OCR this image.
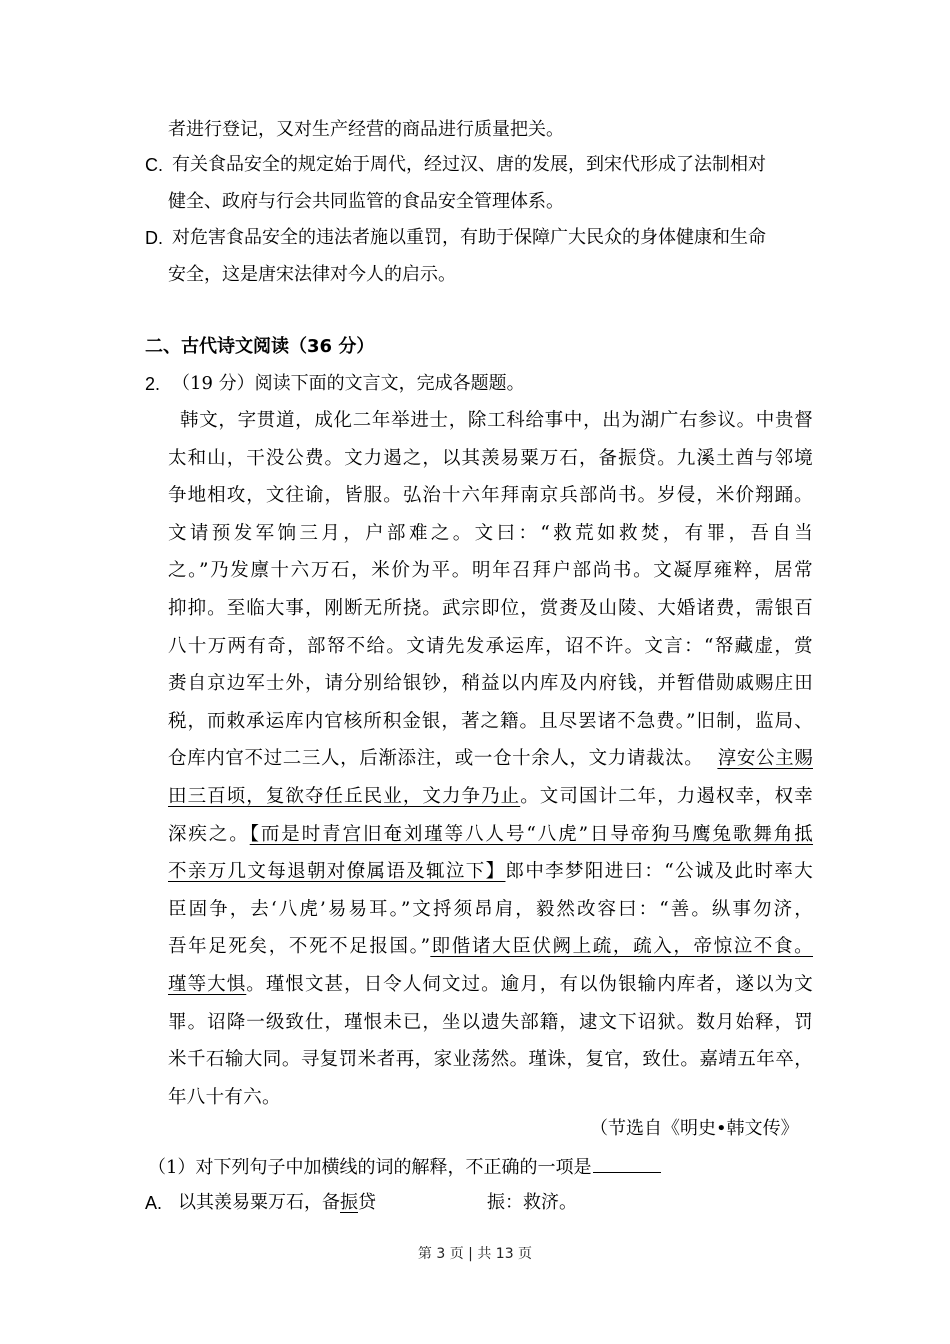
者进行登记，又对生产经营的商品进行质量把关。
C. 有关食品安全的规定始于周代，经过汉、唐的发展，到宋代形成了法制相对
健全、政府与行会共同监管的食品安全管理体系。
D. 对危害食品安全的违法者施以重罚，有助于保障广大民众的身体健康和生命
安全，这是唐宋法律对今人的启示。
二、古代诗文阅读（36 分）
2. （19 分）阅读下面的文言文，完成各题题。
韩文，字贯道，成化二年举进士，除工科给事中，出为湖广右参议。中贵督
太和山，干没公费。文力遏之，以其羡易粟万石，备振贷。九溪土酋与邻境
争地相攻，文往谕，皆服。弘治十六年拜南京兵部尚书。岁侵，米价翔踊。
文请预发军饷三月，户部难之。文曰：“救荒如救焚，有罪，吾自当
之。”乃发廪十六万石，米价为平。明年召拜户部尚书。文凝厚雍粹，居常
抑抑。至临大事，刚断无所挠。武宗即位，赏赉及山陵、大婚诸费，需银百
八十万两有奇，部帑不给。文请先发承运库，诏不许。文言：“帑藏虚，赏
赉自京边军士外，请分别给银钞，稍益以内库及内府钱，并暂借勋戚赐庄田
税，而敕承运库内官核所积金银，著之籍。且尽罢诸不急费。”旧制，监局、
仓库内官不过二三人，后渐添注，或一仓十余人，文力请裁汰。 淳安公主赐
田三百顷，复欲夺任丘民业，文力争乃止。文司国计二年，力遏权幸，权幸
深疾之。【而是时青宫旧奄刘瑾等八人号“八虎”日导帝狗马鹰兔歌舞角抵
不亲万几文每退朝对僚属语及辄泣下】郎中李梦阳进曰：“公诚及此时率大
臣固争，去‘八虎’易易耳。”文捋须昂肩，毅然改容曰：“善。纵事勿济，
吾年足死矣，不死不足报国。”即偕诸大臣伏阙上疏，疏入，帝惊泣不食。
瑾等大惧。瑾恨文甚，日令人伺文过。逾月，有以伪银输内库者，遂以为文
罪。诏降一级致仕，瑾恨未已，坐以遗失部籍，逮文下诏狱。数月始释，罚
米千石输大同。寻复罚米者再，家业荡然。瑾诛，复官，致仕。嘉靖五年卒，
年八十有六。
（节选自《明史•韩文传》
（1）对下列句子中加横线的词的解释，不正确的一项是
A. 以其羡易粟万石，备振贷	振：救济。
第 3 页 | 共 13 页
